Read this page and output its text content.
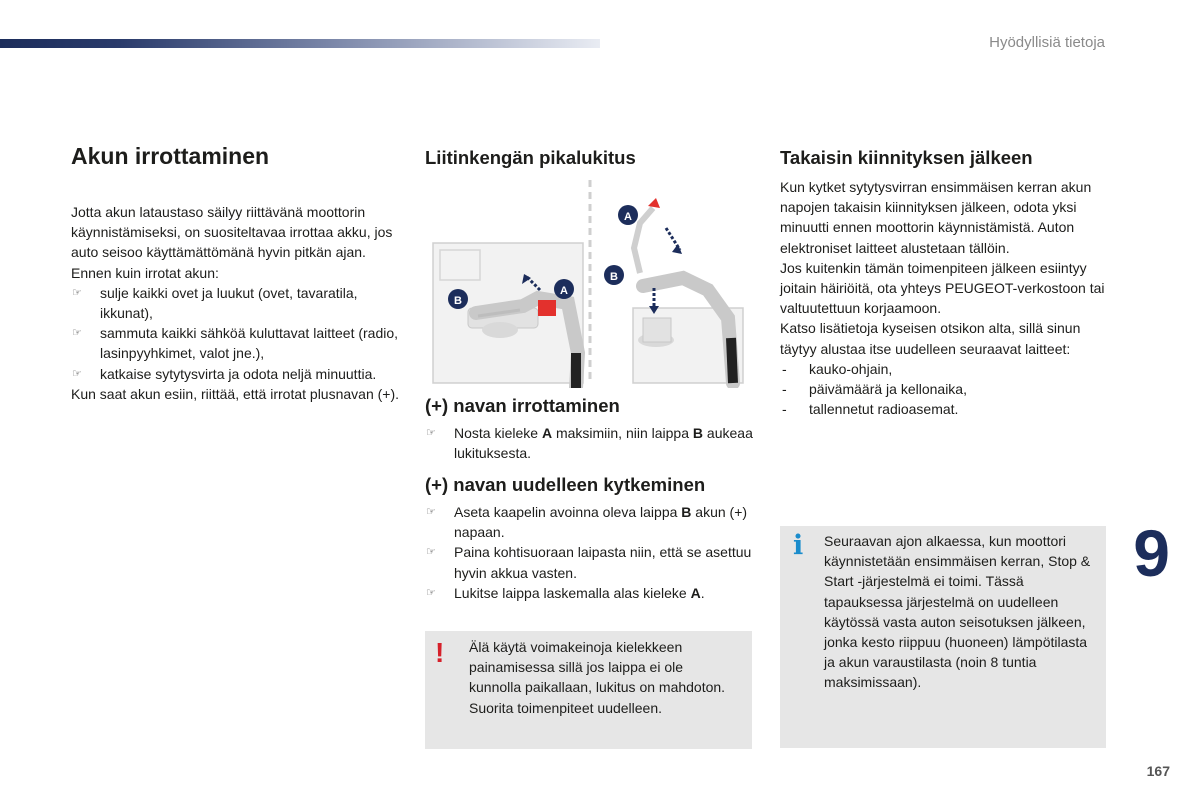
Hyödyllisiä tietoja
Akun irrottaminen

Jotta akun lataustaso säilyy riittävänä moottorin käynnistämiseksi, on suositeltavaa irrottaa akku, jos auto seisoo käyttämättömänä hyvin pitkän ajan.

Ennen kuin irrotat akun:

☞ sulje kaikki ovet ja luukut (ovet, tavaratila, ikkunat),
☞ sammuta kaikki sähköä kuluttavat laitteet (radio, lasinpyyhkimet, valot jne.),
☞ katkaise sytytysvirta ja odota neljä minuuttia.

Kun saat akun esiin, riittää, että irrotat plusnavan (+).

Liitinkengän pikalukitus
A
B
A
B
(+) navan irrottaminen
☞ Nosta kieleke A maksimiin, niin laippa B aukeaa lukituksesta.
(+) navan uudelleen kytkeminen
☞ Aseta kaapelin avoinna oleva laippa B akun (+) napaan.
☞ Paina kohtisuoraan laipasta niin, että se asettuu hyvin akkua vasten.
☞ Lukitse laippa laskemalla alas kieleke A.
! Älä käytä voimakeinoja kielekkeen painamisessa sillä jos laippa ei ole kunnolla paikallaan, lukitus on mahdoton. Suorita toimenpiteet uudelleen.

Takaisin kiinnityksen jälkeen

Kun kytket sytytysvirran ensimmäisen kerran akun napojen takaisin kiinnityksen jälkeen, odota yksi minuutti ennen moottorin käynnistämistä. Auton elektroniset laitteet alustetaan tällöin.

Jos kuitenkin tämän toimenpiteen jälkeen esiintyy joitain häiriöitä, ota yhteys PEUGEOT-verkostoon tai valtuutettuun korjaamoon.

Katso lisätietoja kyseisen otsikon alta, sillä sinun täytyy alustaa itse uudelleen seuraavat laitteet:

- kauko-ohjain,
- päivämäärä ja kellonaika,
- tallennetut radioasemat.
i Seuraavan ajon alkaessa, kun moottori käynnistetään ensimmäisen kerran, Stop & Start -järjestelmä ei toimi. Tässä tapauksessa järjestelmä on uudelleen käytössä vasta auton seisotuksen jälkeen, jonka kesto riippuu (huoneen) lämpötilasta ja akun varaustilasta (noin 8 tuntia maksimissaan).

9
167
